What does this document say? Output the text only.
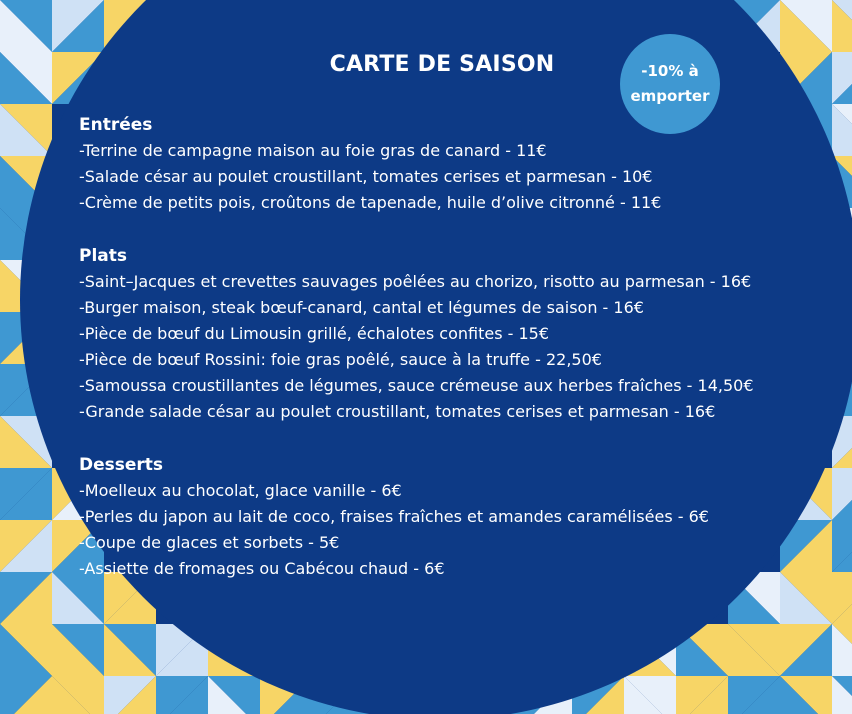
CARTE DE SAISON	-10% à
emporter

Entrées

-Terrine de campagne maison au foie gras de canard - 11€

-Salade césar au poulet croustillant, tomates cerises et parmesan - 10€

-Crème de petits pois, croûtons de tapenade, huile d’olive citronné - 11€

Plats

-Saint–Jacques et crevettes sauvages poêlées au chorizo, risotto au parmesan - 16€

-Burger maison, steak bœuf-canard, cantal et légumes de saison - 16€

-Pièce de bœuf du Limousin grillé, échalotes confites - 15€

-Pièce de bœuf Rossini: foie gras poêlé, sauce à la truffe - 22,50€

-Samoussa croustillantes de légumes, sauce crémeuse aux herbes fraîches - 14,50€

-Grande salade césar au poulet croustillant, tomates cerises et parmesan - 16€

Desserts

-Moelleux au chocolat, glace vanille - 6€

-Perles du japon au lait de coco, fraises fraîches et amandes caramélisées - 6€

-Coupe de glaces et sorbets - 5€

-Assiette de fromages ou Cabécou chaud - 6€
